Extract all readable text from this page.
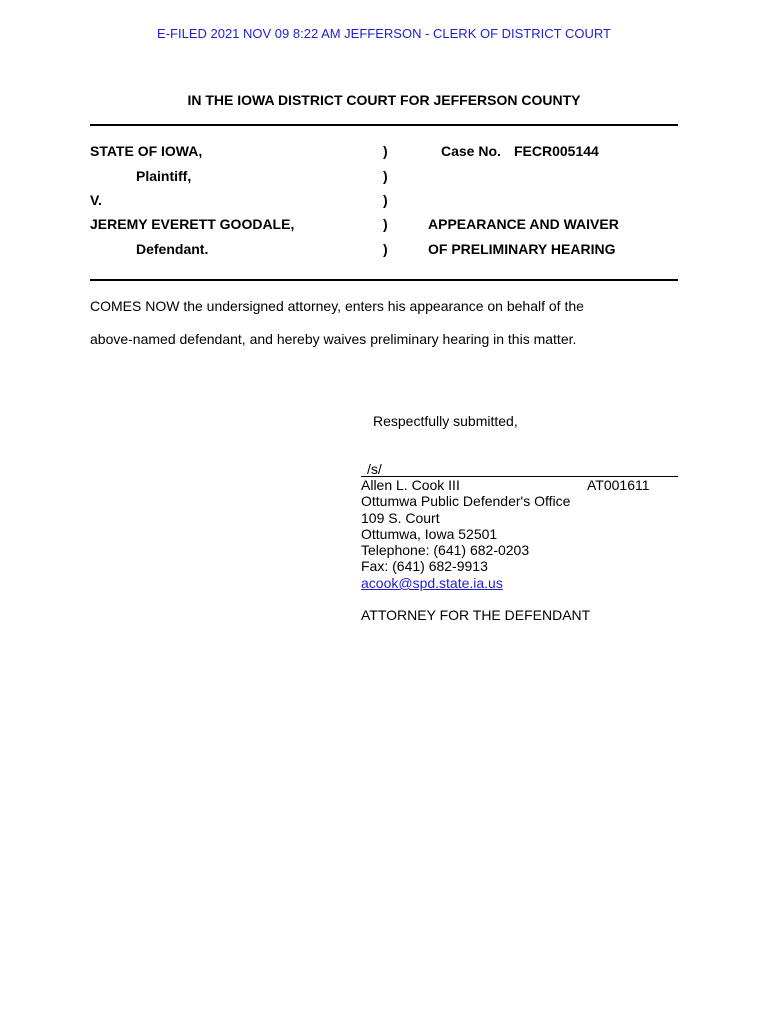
E-FILED 2021 NOV 09 8:22 AM JEFFERSON - CLERK OF DISTRICT COURT
IN THE IOWA DISTRICT COURT FOR JEFFERSON COUNTY
STATE OF IOWA,
Plaintiff,
V.
JEREMY EVERETT GOODALE,
Defendant.
)
)
)
)
)
Case No. FECR005144
APPEARANCE AND WAIVER
OF PRELIMINARY HEARING
COMES NOW the undersigned attorney, enters his appearance on behalf of the
above-named defendant, and hereby waives preliminary hearing in this matter.
Respectfully submitted,
/s/
Allen L. Cook III	AT001611
Ottumwa Public Defender's Office
109 S. Court
Ottumwa, Iowa 52501
Telephone: (641) 682-0203
Fax: (641) 682-9913
acook@spd.state.ia.us
ATTORNEY FOR THE DEFENDANT
